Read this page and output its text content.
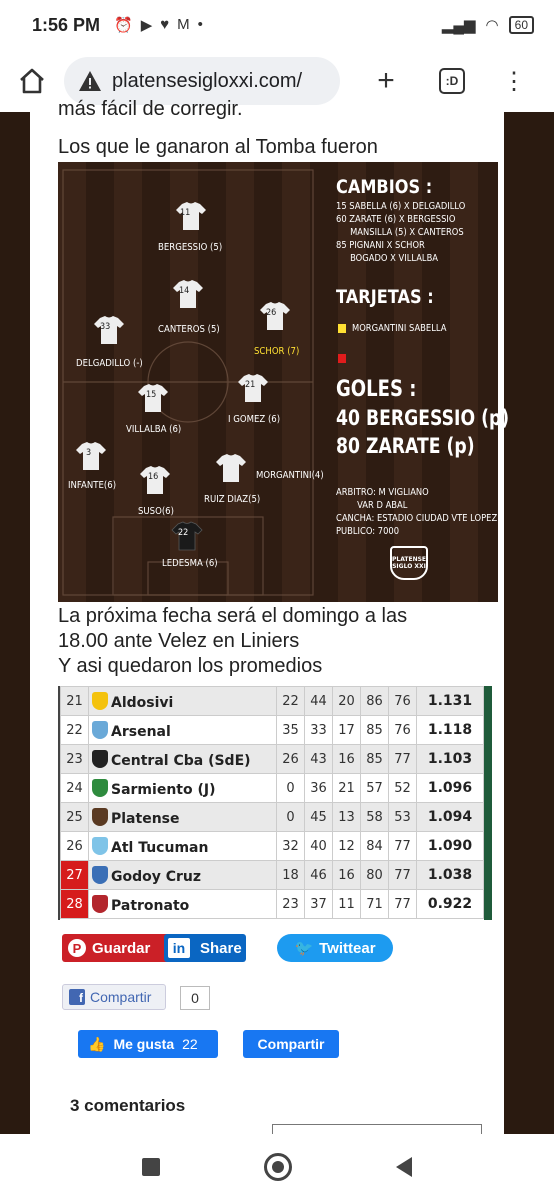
1:56 PM ⏰ ▶ ♥ M •	▂▄▆ ◠	60
platensesigloxxi.com/	+	:D ⋮
más fácil de corregir.
Los que le ganaron al Tomba fueron
CAMBIOS :
15 SABELLA (6) X DELGADILLO
60 ZARATE (6) X BERGESSIO
MANSILLA (5) X CANTEROS
85 PIGNANI X SCHOR
BOGADO X VILLALBA
TARJETAS :
MORGANTINI SABELLA
GOLES :
40 BERGESSIO (p)
80 ZARATE (p)
ARBITRO: M VIGLIANO
VAR D ABAL
CANCHA: ESTADIO CIUDAD VTE LOPEZ
PUBLICO: 7000
PLATENSE SIGLO XXI
11
BERGESSIO (5)
14
CANTEROS (5)
26
SCHOR (7)
33
DELGADILLO (-)
15
VILLALBA (6)
21
I GOMEZ (6)
3
INFANTE(6)
16
SUSO(6)
RUIZ DIAZ(5)
MORGANTINI(4)
22
LEDESMA (6)
La próxima fecha será el domingo a las
18.00 ante Velez en Liniers
Y asi quedaron los promedios
21	Aldosivi	22	44	20	86	76	1.131
22	Arsenal	35	33	17	85	76	1.118
23	Central Cba (SdE)	26	43	16	85	77	1.103
24	Sarmiento (J)	0	36	21	57	52	1.096
25	Platense	0	45	13	58	53	1.094
26	Atl Tucuman	32	40	12	84	77	1.090
27	Godoy Cruz	18	46	16	80	77	1.038
28	Patronato	23	37	11	71	77	0.922
P Guardar	in Share	🐦 Twittear
f Compartir	0
👍 Me gusta 22	Compartir
3 comentarios
